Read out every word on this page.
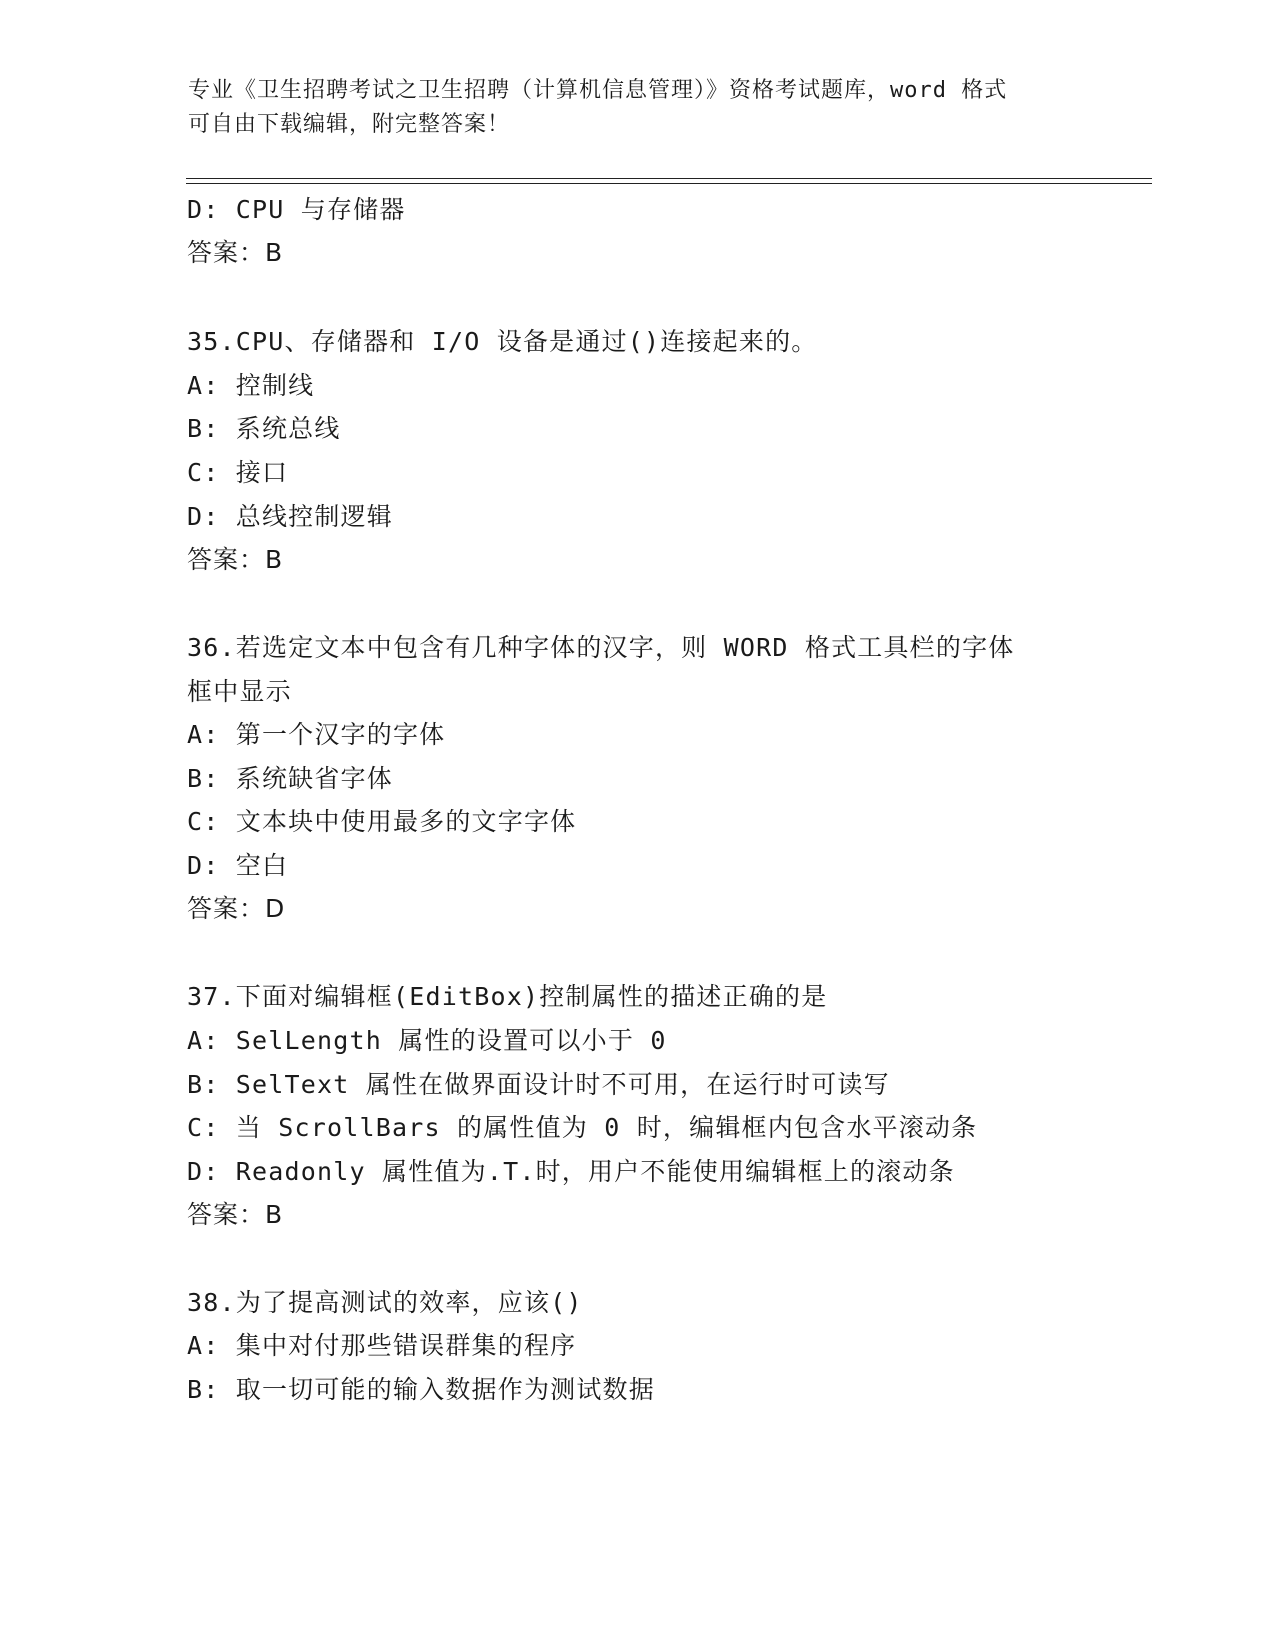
专业《卫生招聘考试之卫生招聘（计算机信息管理）》资格考试题库，word 格式
可自由下载编辑，附完整答案！
D: CPU 与存储器
答案：B
35.CPU、存储器和 I/O 设备是通过()连接起来的。
A: 控制线
B: 系统总线
C: 接口
D: 总线控制逻辑
答案：B
36.若选定文本中包含有几种字体的汉字，则 WORD 格式工具栏的字体
框中显示
A: 第一个汉字的字体
B: 系统缺省字体
C: 文本块中使用最多的文字字体
D: 空白
答案：D
37.下面对编辑框(EditBox)控制属性的描述正确的是
A: SelLength 属性的设置可以小于 0
B: SelText 属性在做界面设计时不可用，在运行时可读写
C: 当 ScrollBars 的属性值为 0 时，编辑框内包含水平滚动条
D: Readonly 属性值为.T.时，用户不能使用编辑框上的滚动条
答案：B
38.为了提高测试的效率，应该()
A: 集中对付那些错误群集的程序
B: 取一切可能的输入数据作为测试数据
